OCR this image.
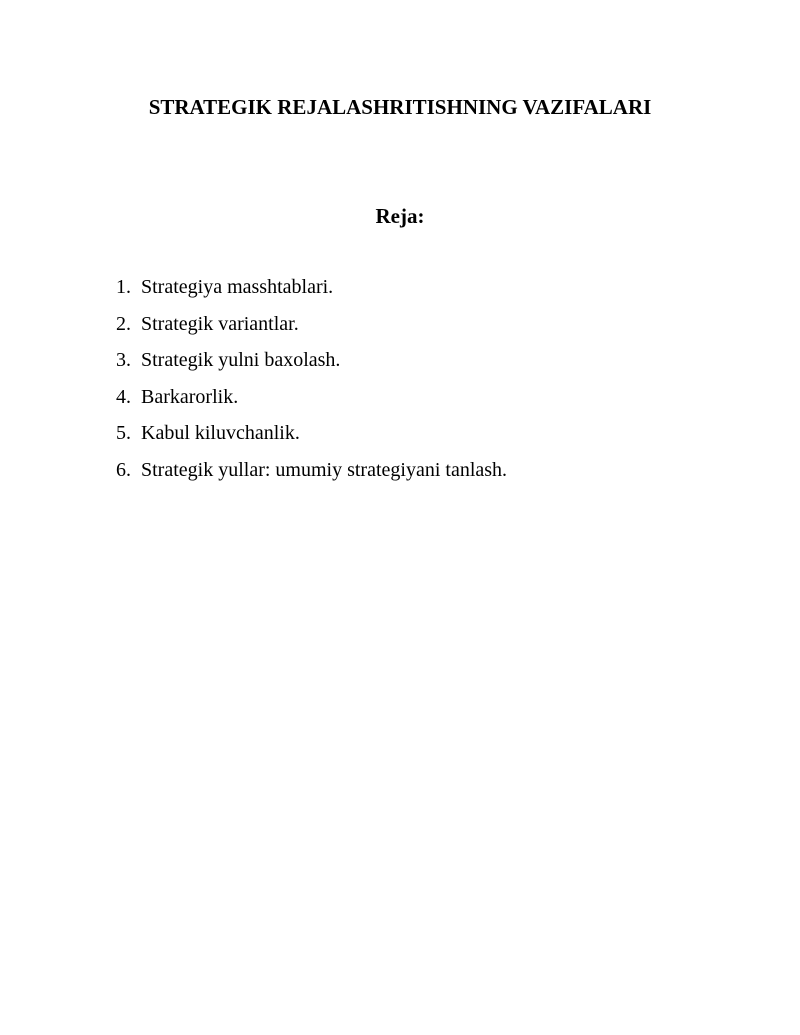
STRATEGIK REJALASHRITISHNING VAZIFALARI
Reja:
1. Strategiya masshtablari.
2. Strategik variantlar.
3. Strategik yulni baxolash.
4. Barkarorlik.
5. Kabul kiluvchanlik.
6. Strategik yullar: umumiy strategiyani tanlash.
